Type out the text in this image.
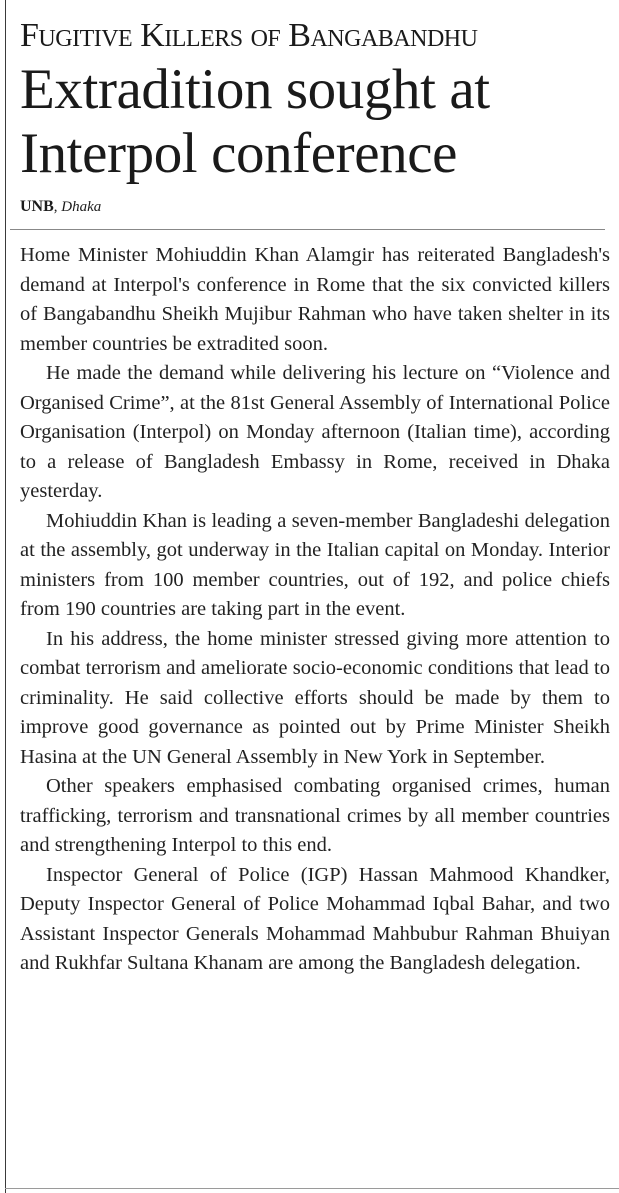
Fugitive Killers of Bangabandhu
Extradition sought at Interpol conference
UNB, Dhaka

Home Minister Mohiuddin Khan Alamgir has reiterated Bangladesh's demand at Interpol's conference in Rome that the six convicted killers of Bangabandhu Sheikh Mujibur Rahman who have taken shelter in its member countries be extradited soon.

He made the demand while delivering his lecture on “Violence and Organised Crime”, at the 81st General Assembly of International Police Organisation (Interpol) on Monday afternoon (Italian time), according to a release of Bangladesh Embassy in Rome, received in Dhaka yesterday.

Mohiuddin Khan is leading a seven-member Bangladeshi delegation at the assembly, got underway in the Italian capital on Monday. Interior ministers from 100 member countries, out of 192, and police chiefs from 190 countries are taking part in the event.

In his address, the home minister stressed giving more attention to combat terrorism and ameliorate socio-economic conditions that lead to criminality. He said collective efforts should be made by them to improve good governance as pointed out by Prime Minister Sheikh Hasina at the UN General Assembly in New York in September.

Other speakers emphasised combating organised crimes, human trafficking, terrorism and transnational crimes by all member countries and strengthening Interpol to this end.

Inspector General of Police (IGP) Hassan Mahmood Khandker, Deputy Inspector General of Police Mohammad Iqbal Bahar, and two Assistant Inspector Generals Mohammad Mahbubur Rahman Bhuiyan and Rukhfar Sultana Khanam are among the Bangladesh delegation.
